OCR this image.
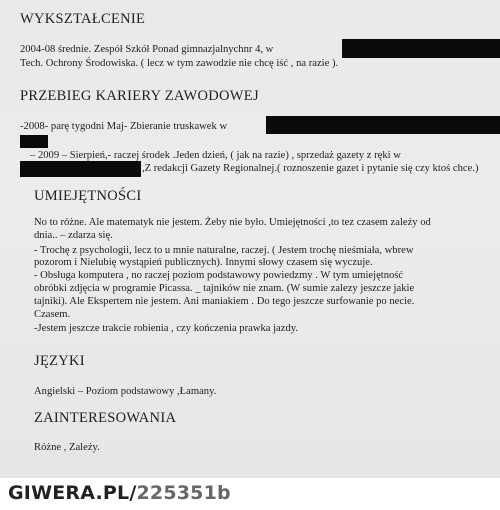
WYKSZTAŁCENIE
2004-08 średnie. Zespół Szkół Ponad gimnazjalnychnr 4, w
Tech. Ochrony Środowiska. ( lecz w tym zawodzie nie chcę iść , na razie ).
PRZEBIEG KARIERY ZAWODOWEJ
-2008- parę tygodni Maj- Zbieranie truskawek w
– 2009 – Sierpień,- raczej środek .Jeden dzień, ( jak na razie) , sprzedaż gazety z ręki w
,Z redakcji Gazety Regionalnej.( roznoszenie gazet i pytanie się czy ktoś chce.)
UMIEJĘTNOŚCI
No to różne. Ale matematyk nie jestem. Żeby nie było. Umiejętności ,to tez czasem zależy od
dnia.. – zdarza się.
- Trochę z psychologii, lecz to u mnie naturalne, raczej. ( Jestem trochę nieśmiała, wbrew
pozorom i Nielubię wystąpień publicznych). Innymi słowy czasem się wyczuje.
- Obsługa komputera , no raczej poziom podstawowy powiedzmy . W tym umiejętność
obróbki zdjęcia w programie Picassa. _ tajników nie znam. (W sumie zalezy jeszcze jakie
tajniki). Ale Ekspertem nie jestem. Ani maniakiem . Do tego jeszcze surfowanie po necie.
Czasem.
-Jestem jeszcze trakcie robienia , czy kończenia prawka jazdy.
JĘZYKI
Angielski – Poziom podstawowy ,Łamany.
ZAINTERESOWANIA
Różne , Zależy.
GIWERA.PL/225351b
